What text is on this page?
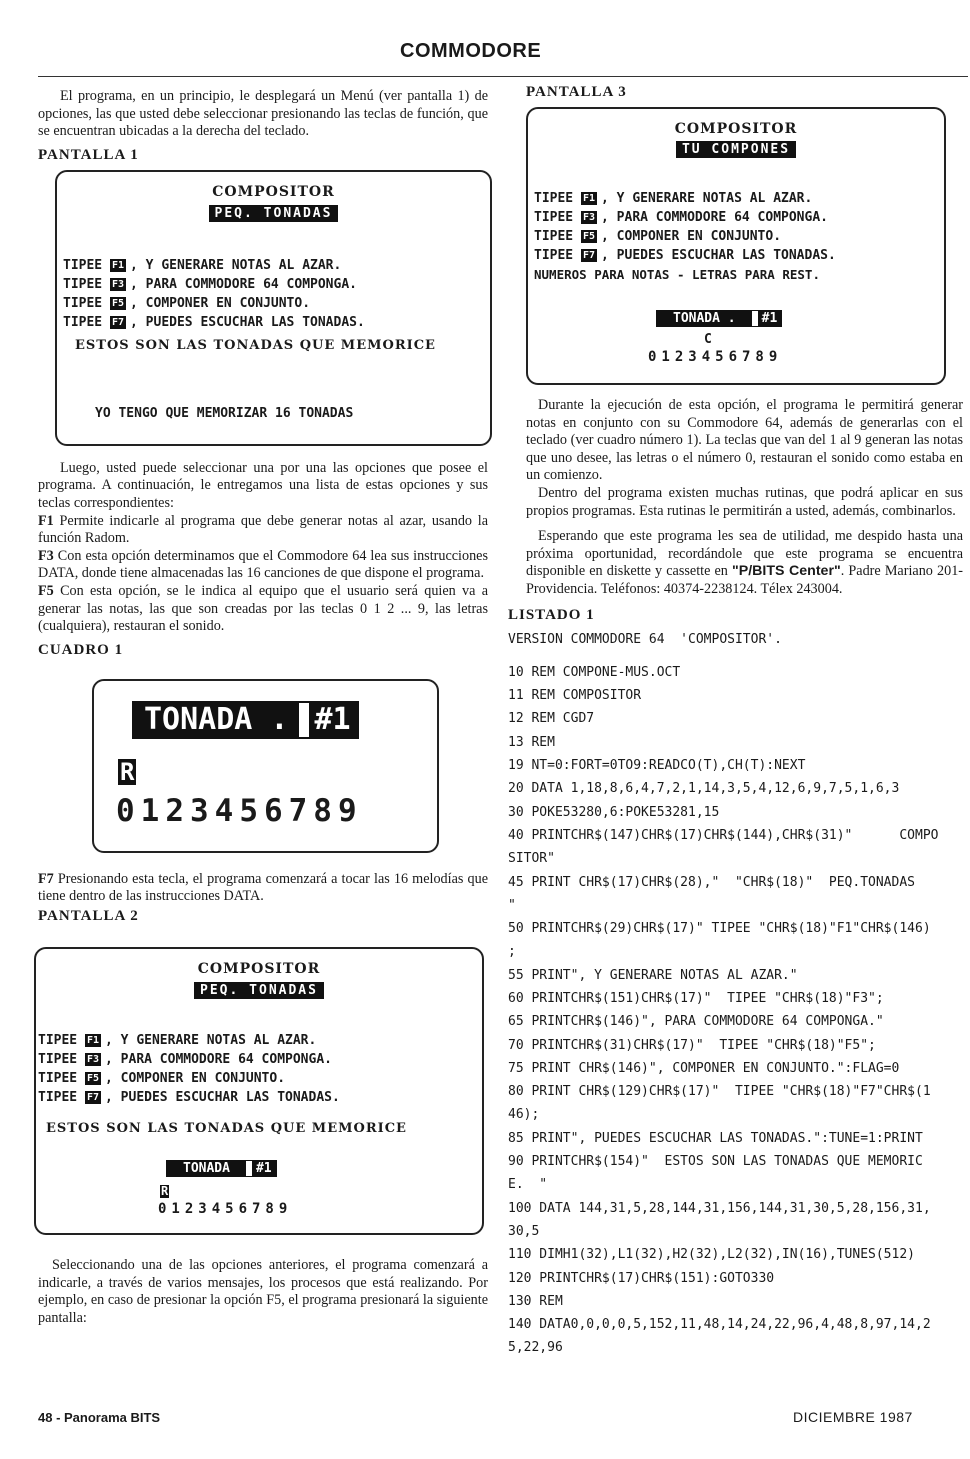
COMMODORE

El programa, en un principio, le desplegará un Menú (ver pantalla 1) de opciones, las que usted debe seleccionar presionando las teclas de función, que se encuentran ubicadas a la derecha del teclado.

PANTALLA 1

COMPOSITOR
PEQ. TONADAS
TIPEE F1 , Y GENERARE NOTAS AL AZAR.
TIPEE F3 , PARA COMMODORE 64 COMPONGA.
TIPEE F5 , COMPONER EN CONJUNTO.
TIPEE F7 , PUEDES ESCUCHAR LAS TONADAS.
ESTOS SON LAS TONADAS QUE MEMORICE
YO TENGO QUE MEMORIZAR 16 TONADAS

Luego, usted puede seleccionar una por una las opciones que posee el programa. A continuación, le entregamos una lista de estas opciones y sus teclas correspondientes:

F1 Permite indicarle al programa que debe generar notas al azar, usando la función Radom.

F3 Con esta opción determinamos que el Commodore 64 lea sus instrucciones DATA, donde tiene almacenadas las 16 canciones de que dispone el programa.

F5 Con esta opción, se le indica al equipo que el usuario será quien va a generar las notas, las que son creadas por las teclas 0 1 2 ... 9, las letras (cualquiera), restauran el sonido.

CUADRO 1

TONADA . #1
R
0123456789

F7 Presionando esta tecla, el programa comenzará a tocar las 16 melodías que tiene dentro de las instrucciones DATA.

PANTALLA 2

COMPOSITOR
PEQ. TONADAS
TIPEE F1 , Y GENERARE NOTAS AL AZAR.
TIPEE F3 , PARA COMMODORE 64 COMPONGA.
TIPEE F5 , COMPONER EN CONJUNTO.
TIPEE F7 , PUEDES ESCUCHAR LAS TONADAS.
ESTOS SON LAS TONADAS QUE MEMORICE
TONADA #1
R
0123456789

Seleccionando una de las opciones anteriores, el programa comenzará a indicarle, a través de varios mensajes, los procesos que está realizando. Por ejemplo, en caso de presionar la opción F5, el programa presionará la siguiente pantalla:

PANTALLA 3

COMPOSITOR
TU COMPONES
TIPEE F1 , Y GENERARE NOTAS AL AZAR.
TIPEE F3 , PARA COMMODORE 64 COMPONGA.
TIPEE F5 , COMPONER EN CONJUNTO.
TIPEE F7 , PUEDES ESCUCHAR LAS TONADAS.
NUMEROS PARA NOTAS - LETRAS PARA REST.
TONADA . #1
C
0123456789

Durante la ejecución de esta opción, el programa le permitirá generar notas en conjunto con su Commodore 64, además de generarlas con el teclado (ver cuadro número 1). La teclas que van del 1 al 9 generan las notas que uno desee, las letras o el número 0, restauran el sonido como estaba en un comienzo.

Dentro del programa existen muchas rutinas, que podrá aplicar en sus propios programas. Esta rutinas le permitirán a usted, además, combinarlos.

Esperando que este programa les sea de utilidad, me despido hasta una próxima oportunidad, recordándole que este programa se encuentra disponible en diskette y cassette en "P/BITS Center". Padre Mariano 201- Providencia. Teléfonos: 40374-2238124. Télex 243004.

LISTADO 1

VERSION COMMODORE 64  'COMPOSITOR'.
10 REM COMPONE-MUS.OCT
11 REM COMPOSITOR
12 REM CGD7
13 REM
19 NT=0:FORT=0TO9:READCO(T),CH(T):NEXT
20 DATA 1,18,8,6,4,7,2,1,14,3,5,4,12,6,9,7,5,1,6,3
30 POKE53280,6:POKE53281,15
40 PRINTCHR$(147)CHR$(17)CHR$(144),CHR$(31)"      COMPO
SITOR"
45 PRINT CHR$(17)CHR$(28),"  "CHR$(18)"  PEQ.TONADAS
"
50 PRINTCHR$(29)CHR$(17)" TIPEE "CHR$(18)"F1"CHR$(146)
;
55 PRINT", Y GENERARE NOTAS AL AZAR."
60 PRINTCHR$(151)CHR$(17)"  TIPEE "CHR$(18)"F3";
65 PRINTCHR$(146)", PARA COMMODORE 64 COMPONGA."
70 PRINTCHR$(31)CHR$(17)"  TIPEE "CHR$(18)"F5";
75 PRINT CHR$(146)", COMPONER EN CONJUNTO.":FLAG=0
80 PRINT CHR$(129)CHR$(17)"  TIPEE "CHR$(18)"F7"CHR$(1
46);
85 PRINT", PUEDES ESCUCHAR LAS TONADAS.":TUNE=1:PRINT
90 PRINTCHR$(154)"  ESTOS SON LAS TONADAS QUE MEMORIC
E.  "
100 DATA 144,31,5,28,144,31,156,144,31,30,5,28,156,31,
30,5
110 DIMH1(32),L1(32),H2(32),L2(32),IN(16),TUNES(512)
120 PRINTCHR$(17)CHR$(151):GOTO330
130 REM
140 DATA0,0,0,0,5,152,11,48,14,24,22,96,4,48,8,97,14,2
5,22,96
48 - Panorama BITS	DICIEMBRE 1987
